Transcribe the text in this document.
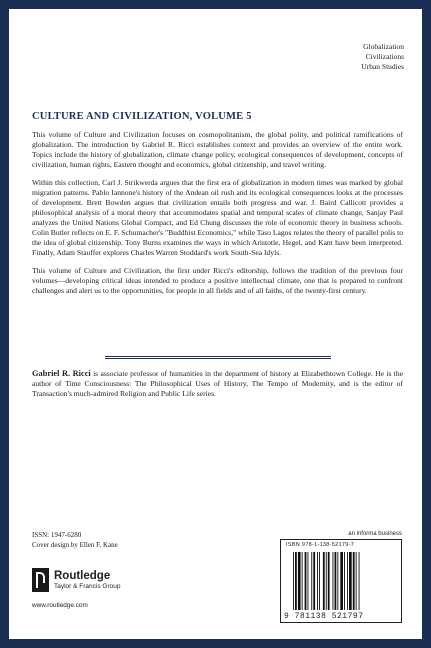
Globalization
Civilizations
Urban Studies
CULTURE AND CIVILIZATION, VOLUME 5

This volume of Culture and Civilization focuses on cosmopolitanism, the global polity, and political ramifications of globalization. The introduction by Gabriel R. Ricci establishes context and provides an overview of the entire work. Topics include the history of globalization, climate change policy, ecological consequences of development, concepts of civilization, human rights, Eastern thought and economics, global citizenship, and travel writing.

Within this collection, Carl J. Strikwerda argues that the first era of globalization in modern times was marked by global migration patterns. Pablo Iannone's history of the Andean oil rush and its ecological consequences looks at the processes of development. Brett Bowden argues that civilization entails both progress and war. J. Baird Callicott provides a philosophical analysis of a moral theory that accommodates spatial and temporal scales of climate change, Sanjay Paul analyzes the United Nations Global Compact, and Ed Chung discusses the role of economic theory in business schools. Colin Butler reflects on E. F. Schumacher's "Buddhist Economics," while Taso Lagos relates the theory of parallel polis to the idea of global citizenship. Tony Burns examines the ways in which Aristotle, Hegel, and Kant have been interpreted. Finally, Adam Stauffer explores Charles Warren Stoddard's work South-Sea Idyls.

This volume of Culture and Civilization, the first under Ricci's editorship, follows the tradition of the previous four volumes—developing critical ideas intended to produce a positive intellectual climate, one that is prepared to confront challenges and alert us to the opportunities, for people in all fields and of all faiths, of the twenty-first century.

Gabriel R. Ricci is associate professor of humanities in the department of history at Elizabethtown College. He is the author of Time Consciousness: The Philosophical Uses of History, The Tempo of Modernity, and is the editor of Transaction's much-admired Religion and Public Life series.

ISSN: 1947-6280
Cover design by Ellen F. Kane
Routledge
Taylor & Francis Group
www.routledge.com
an informa business
ISBN 978-1-138-52179-7
9 781138 521797
